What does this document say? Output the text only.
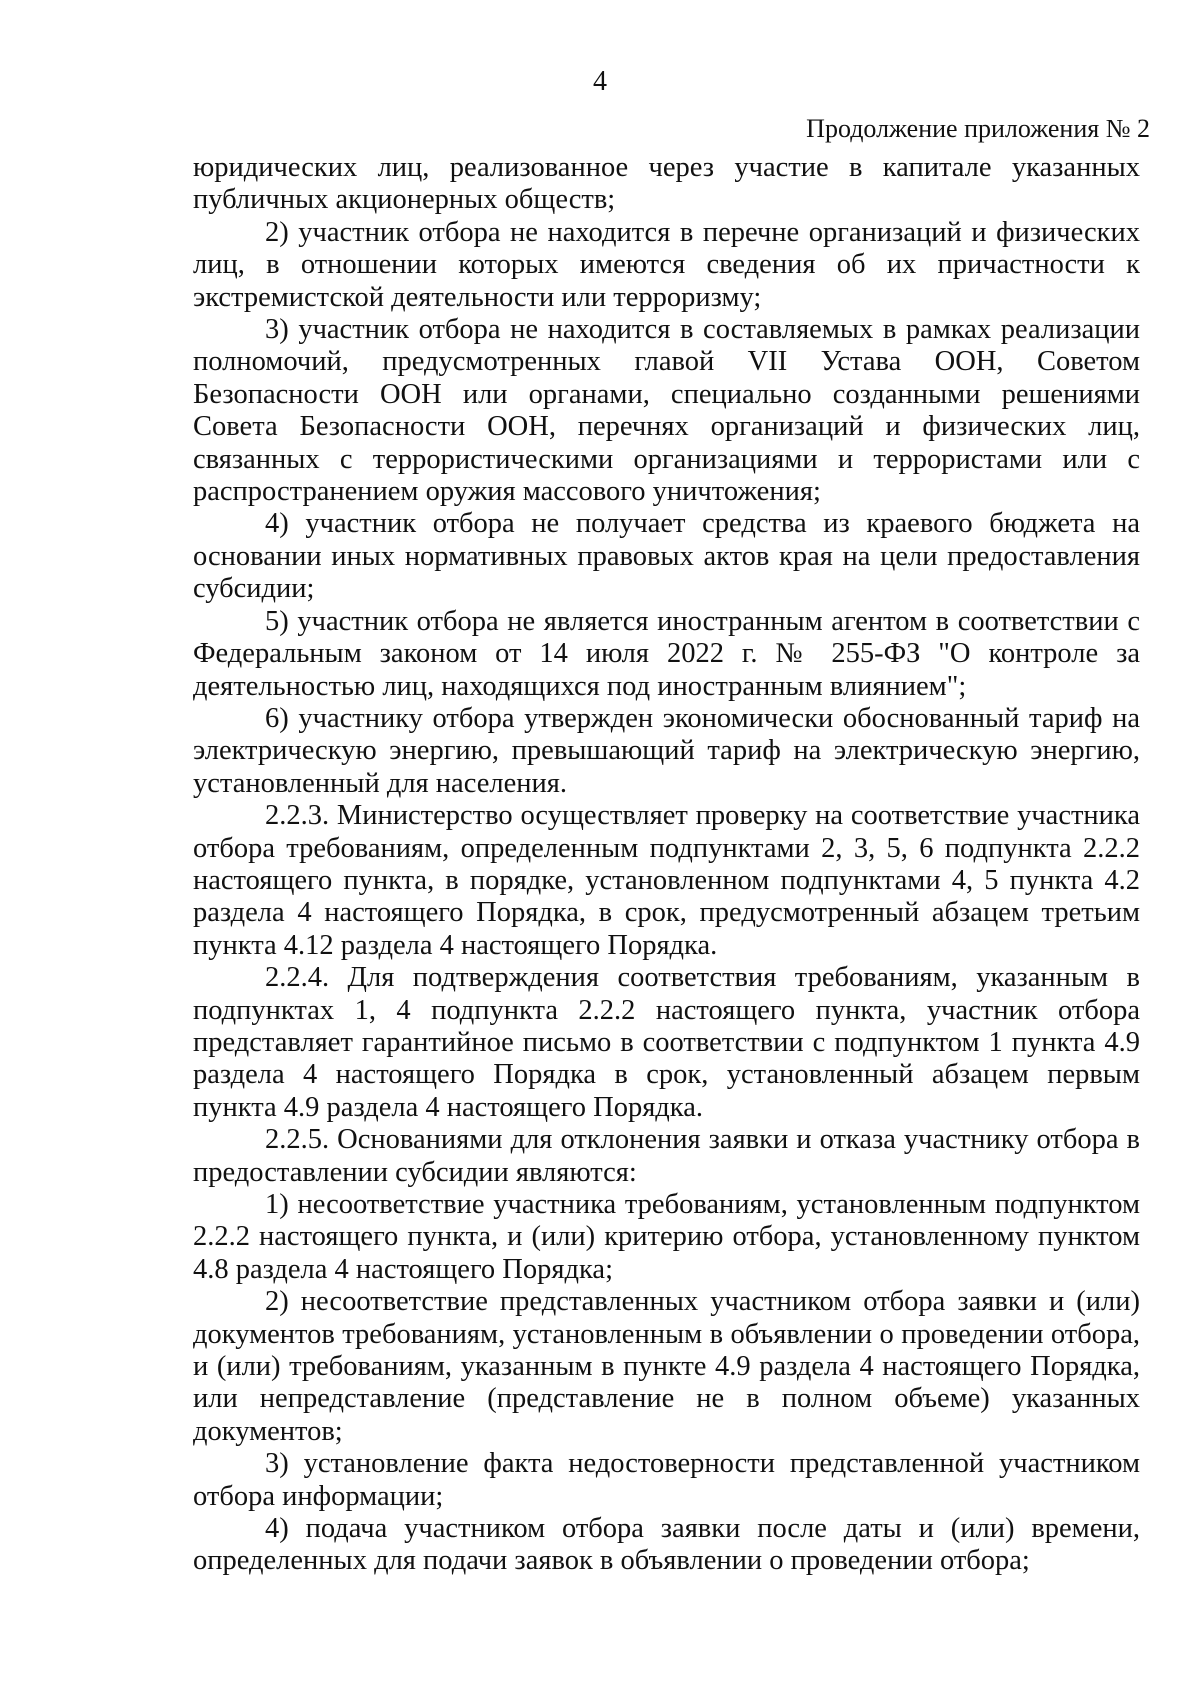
4
Продолжение приложения № 2

юридических лиц, реализованное через участие в капитале указанных публичных акционерных обществ;

2) участник отбора не находится в перечне организаций и физических лиц, в отношении которых имеются сведения об их причастности к экстремистской деятельности или терроризму;

3) участник отбора не находится в составляемых в рамках реализации полномочий, предусмотренных главой VII Устава ООН, Советом Безопасности ООН или органами, специально созданными решениями Совета Безопасности ООН, перечнях организаций и физических лиц, связанных с террористическими организациями и террористами или с распространением оружия массового уничтожения;

4) участник отбора не получает средства из краевого бюджета на основании иных нормативных правовых актов края на цели предоставления субсидии;

5) участник отбора не является иностранным агентом в соответствии с Федеральным законом от 14 июля 2022 г. № 255-ФЗ "О контроле за деятельностью лиц, находящихся под иностранным влиянием";

6) участнику отбора утвержден экономически обоснованный тариф на электрическую энергию, превышающий тариф на электрическую энергию, установленный для населения.

2.2.3. Министерство осуществляет проверку на соответствие участника отбора требованиям, определенным подпунктами 2, 3, 5, 6 подпункта 2.2.2 настоящего пункта, в порядке, установленном подпунктами 4, 5 пункта 4.2 раздела 4 настоящего Порядка, в срок, предусмотренный абзацем третьим пункта 4.12 раздела 4 настоящего Порядка.

2.2.4. Для подтверждения соответствия требованиям, указанным в подпунктах 1, 4 подпункта 2.2.2 настоящего пункта, участник отбора представляет гарантийное письмо в соответствии с подпунктом 1 пункта 4.9 раздела 4 настоящего Порядка в срок, установленный абзацем первым пункта 4.9 раздела 4 настоящего Порядка.

2.2.5. Основаниями для отклонения заявки и отказа участнику отбора в предоставлении субсидии являются:

1) несоответствие участника требованиям, установленным подпунктом 2.2.2 настоящего пункта, и (или) критерию отбора, установленному пунктом 4.8 раздела 4 настоящего Порядка;

2) несоответствие представленных участником отбора заявки и (или) документов требованиям, установленным в объявлении о проведении отбора, и (или) требованиям, указанным в пункте 4.9 раздела 4 настоящего Порядка, или непредставление (представление не в полном объеме) указанных документов;

3) установление факта недостоверности представленной участником отбора информации;

4) подача участником отбора заявки после даты и (или) времени, определенных для подачи заявок в объявлении о проведении отбора;
